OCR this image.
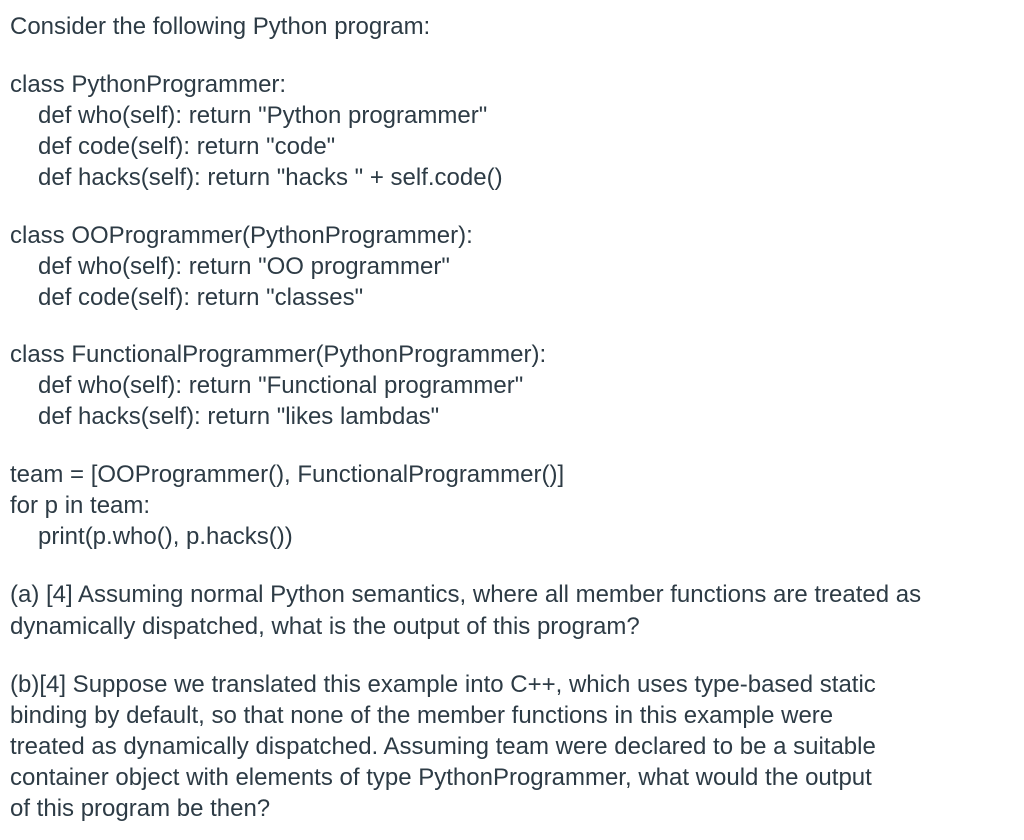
Consider the following Python program:
class PythonProgrammer:
def who(self): return "Python programmer"
def code(self): return "code"
def hacks(self): return "hacks " + self.code()
class OOProgrammer(PythonProgrammer):
def who(self): return "OO programmer"
def code(self): return "classes"
class FunctionalProgrammer(PythonProgrammer):
def who(self): return "Functional programmer"
def hacks(self): return "likes lambdas"
team = [OOProgrammer(), FunctionalProgrammer()]
for p in team:
print(p.who(), p.hacks())
(a) [4] Assuming normal Python semantics, where all member functions are treated as
dynamically dispatched, what is the output of this program?
(b)[4] Suppose we translated this example into C++, which uses type-based static
binding by default, so that none of the member functions in this example were
treated as dynamically dispatched. Assuming team were declared to be a suitable
container object with elements of type PythonProgrammer, what would the output
of this program be then?
